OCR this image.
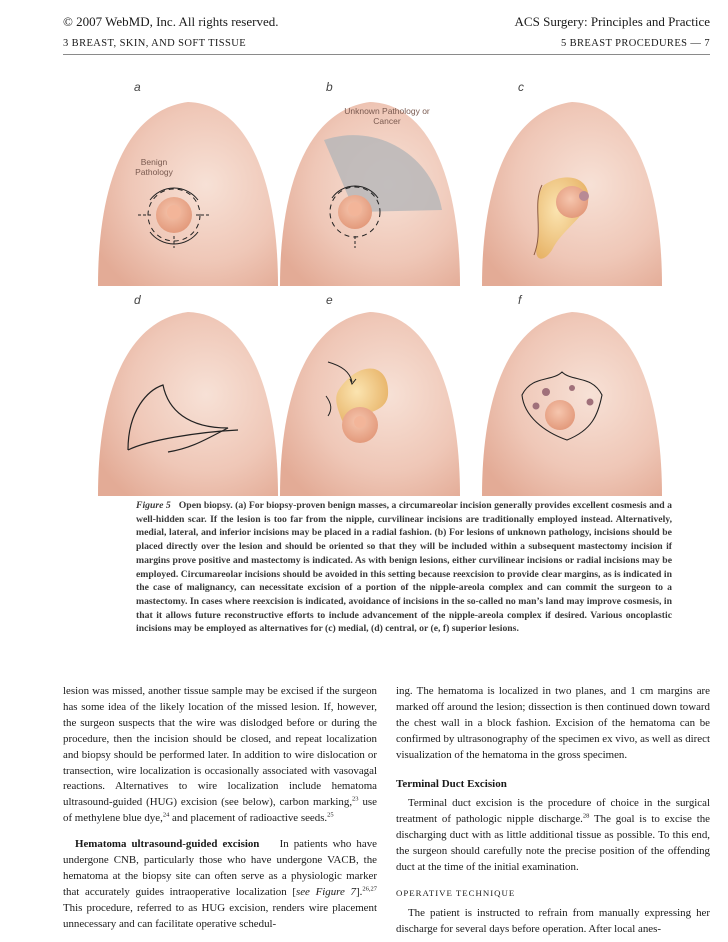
© 2007 WebMD, Inc. All rights reserved.
3 BREAST, SKIN, AND SOFT TISSUE
ACS Surgery: Principles and Practice
5 BREAST PROCEDURES — 7
a
Benign Pathology
b
Unknown Pathology or Cancer
c
d	e	f
Figure 5 Open biopsy. (a) For biopsy-proven benign masses, a circumareolar incision generally provides excellent cosmesis and a well-hidden scar. If the lesion is too far from the nipple, curvilinear incisions are traditionally employed instead. Alternatively, medial, lateral, and inferior incisions may be placed in a radial fashion. (b) For lesions of unknown pathology, incisions should be placed directly over the lesion and should be oriented so that they will be included within a subsequent mastectomy incision if margins prove positive and mastectomy is indicated. As with benign lesions, either curvilinear incisions or radial incisions may be employed. Circumareolar incisions should be avoided in this setting because reexcision to provide clear margins, as is indicated in the case of malignancy, can necessitate excision of a portion of the nipple-areola complex and can commit the surgeon to a mastectomy. In cases where reexcision is indicated, avoidance of incisions in the so-called no man’s land may improve cosmesis, in that it allows future reconstructive efforts to include advancement of the nipple-areola complex if desired. Various oncoplastic incisions may be employed as alternatives for (c) medial, (d) central, or (e, f) superior lesions.

lesion was missed, another tissue sample may be excised if the surgeon has some idea of the likely location of the missed lesion. If, however, the surgeon suspects that the wire was dislodged before or during the procedure, then the incision should be closed, and repeat localization and biopsy should be performed later. In addition to wire dislocation or transection, wire localization is occasionally associated with vasovagal reactions. Alternatives to wire localization include hematoma ultrasound-guided (HUG) excision (see below), carbon marking,$^{23}$ use of methylene blue dye,$^{24}$ and placement of radioactive seeds.$^{25}$

Hematoma ultrasound-guided excision In patients who have undergone CNB, particularly those who have undergone VACB, the hematoma at the biopsy site can often serve as a physiologic marker that accurately guides intraoperative localization [see Figure 7].$^{26,27}$ This procedure, referred to as HUG excision, renders wire placement unnecessary and can facilitate operative schedul-

ing. The hematoma is localized in two planes, and 1 cm margins are marked off around the lesion; dissection is then continued down toward the chest wall in a block fashion. Excision of the hematoma can be confirmed by ultrasonography of the specimen ex vivo, as well as direct visualization of the hematoma in the gross specimen.

Terminal Duct Excision

Terminal duct excision is the procedure of choice in the surgical treatment of pathologic nipple discharge.$^{28}$ The goal is to excise the discharging duct with as little additional tissue as possible. To this end, the surgeon should carefully note the precise position of the offending duct at the time of the initial examination.

OPERATIVE TECHNIQUE

The patient is instructed to refrain from manually expressing her discharge for several days before operation. After local anes-
